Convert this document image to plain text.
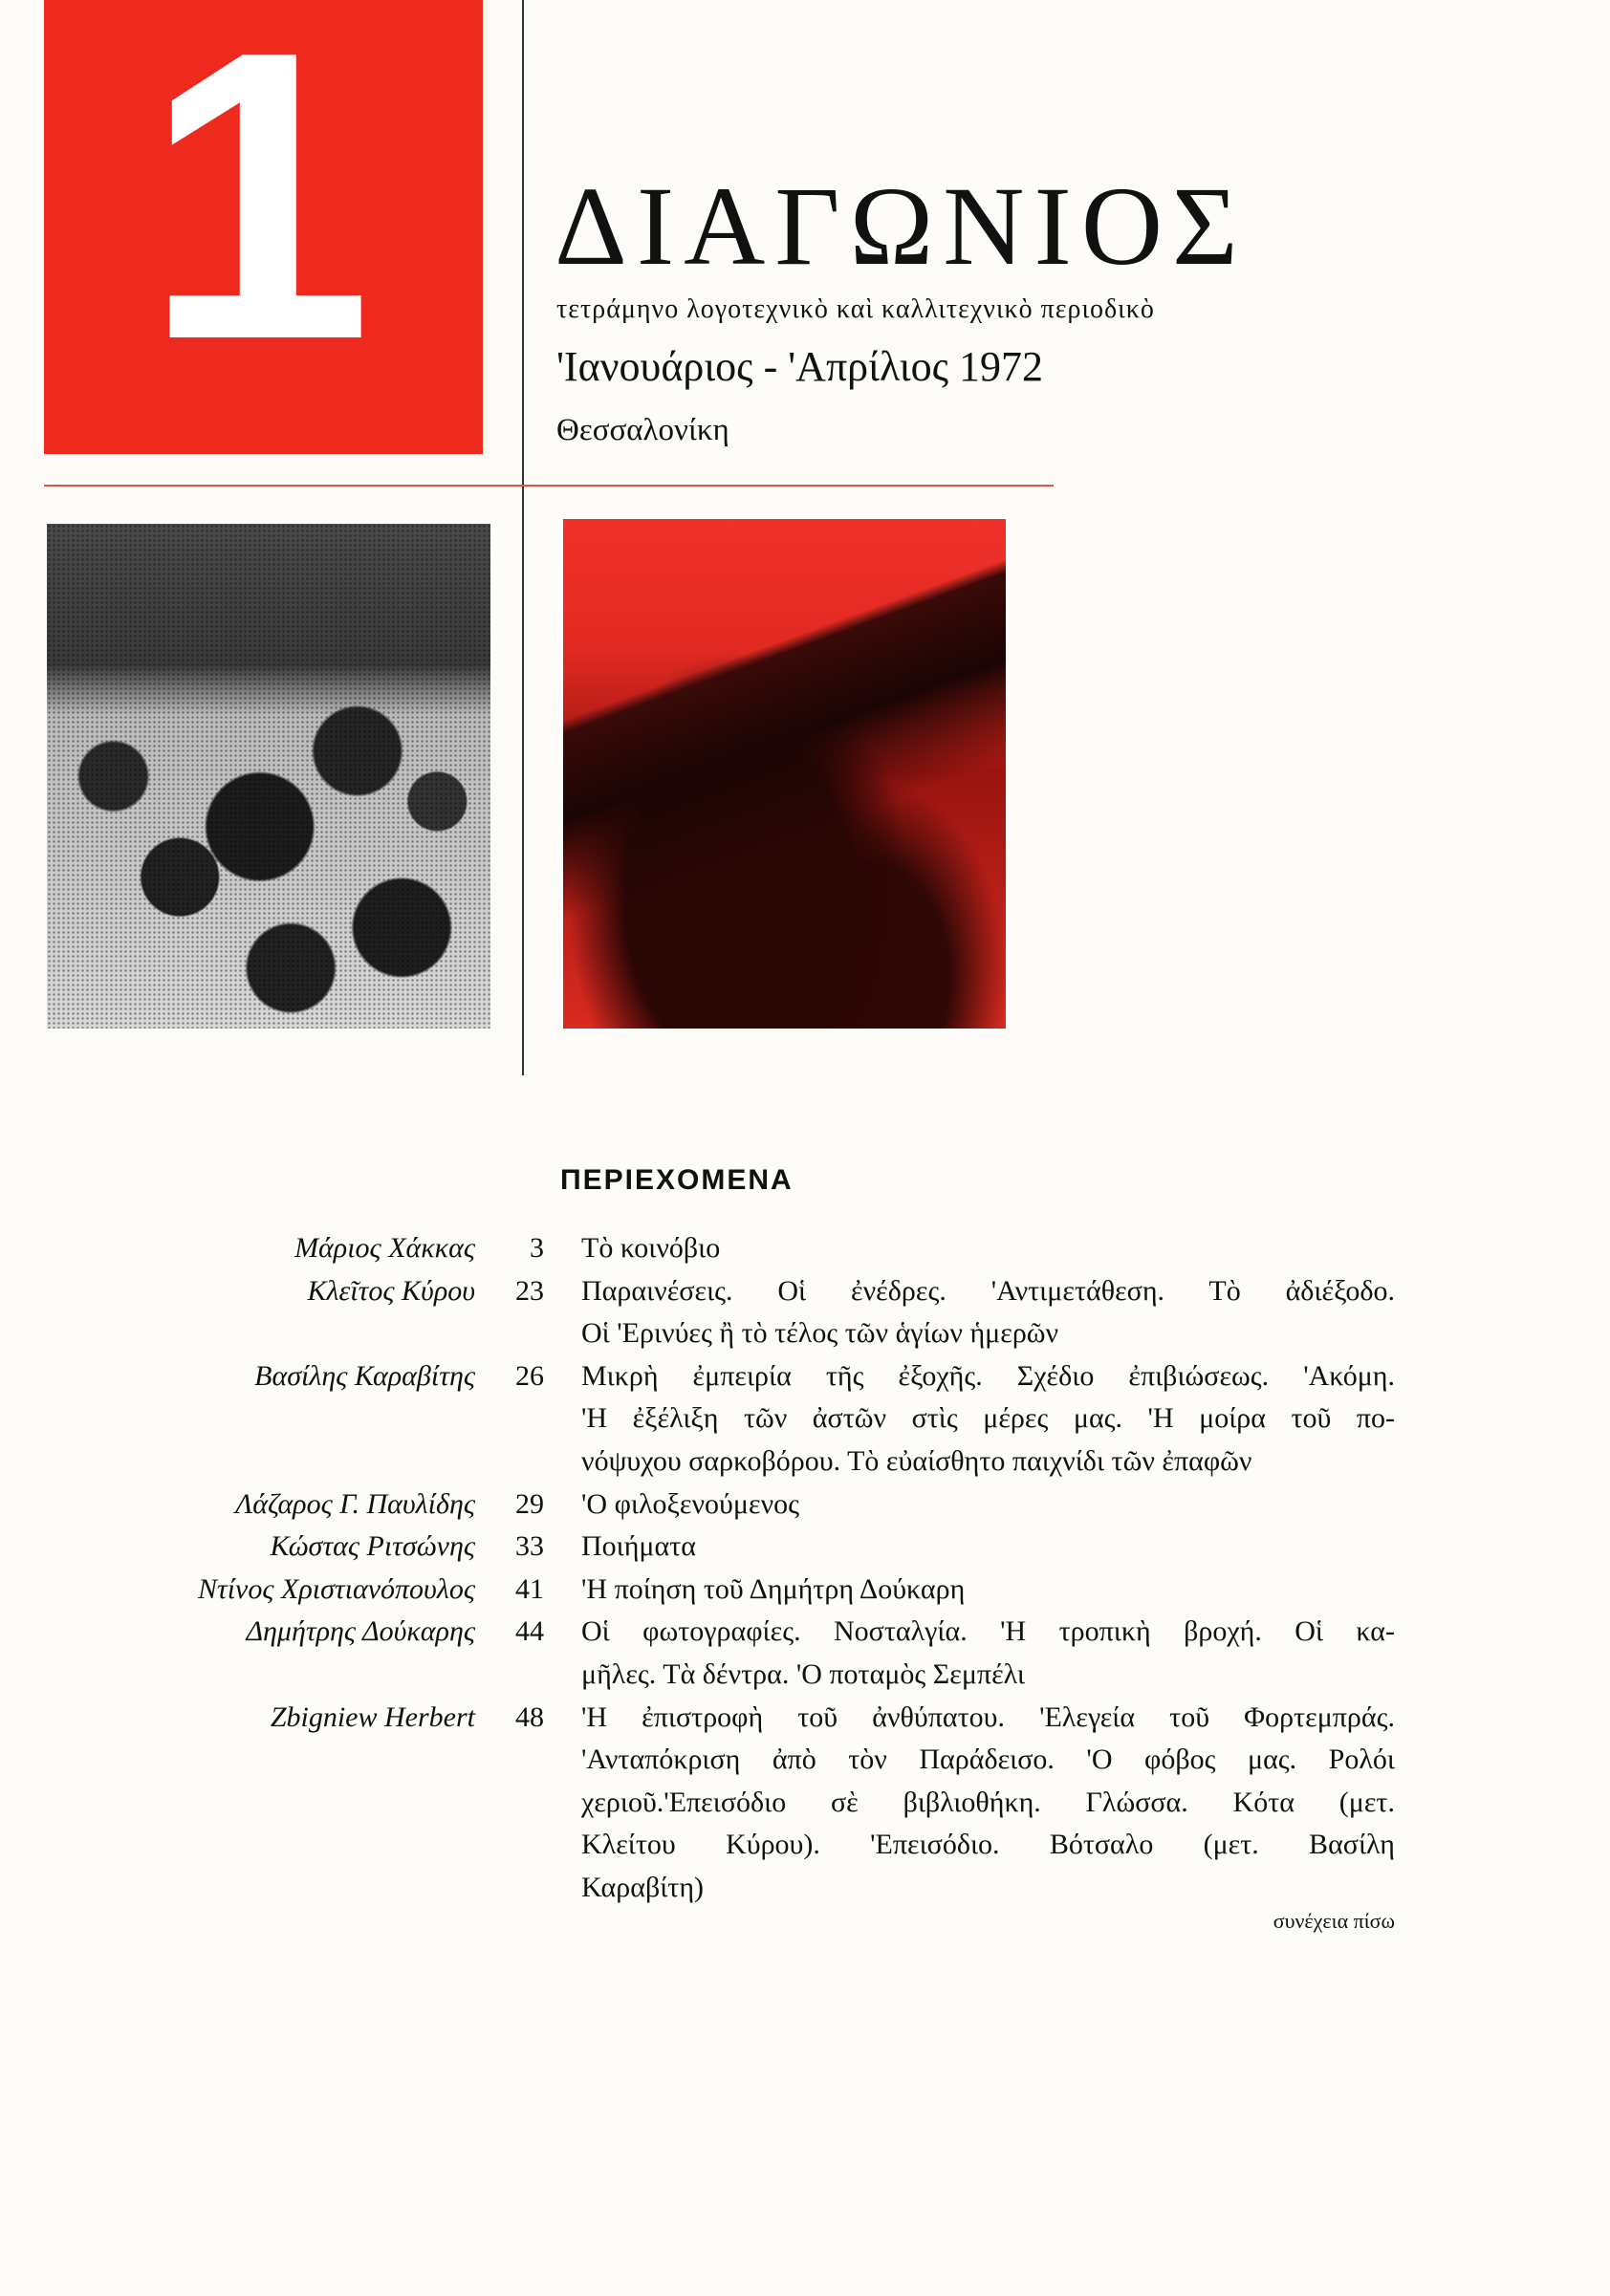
1 ΔΙΑΓΩΝΙΟΣ
τετράμηνο λογοτεχνικὸ καὶ καλλιτεχνικὸ περιοδικὸ
'Ιανουάριος - 'Απρίλιος 1972
Θεσσαλονίκη
ΠΕΡΙΕΧΟΜΕΝΑ
Μάριος Χάκκας 3 Τὸ κοινόβιο
Κλεῖτος Κύρου 23 Παραινέσεις. Οἱ ἐνέδρες. 'Αντιμετάθεση. Τὸ ἀδιέξοδο.
Οἱ 'Ερινύες ἢ τὸ τέλος τῶν ἁγίων ἡμερῶν
Βασίλης Καραβίτης 26 Μικρὴ ἐμπειρία τῆς ἐξοχῆς. Σχέδιο ἐπιβιώσεως. 'Ακόμη.
'Η ἐξέλιξη τῶν ἀστῶν στὶς μέρες μας. 'Η μοίρα τοῦ πο-
νόψυχου σαρκοβόρου. Τὸ εὐαίσθητο παιχνίδι τῶν ἐπαφῶν
Λάζαρος Γ. Παυλίδης 29 'Ο φιλοξενούμενος
Κώστας Ριτσώνης 33 Ποιήματα
Ντίνος Χριστιανόπουλος 41 'Η ποίηση τοῦ Δημήτρη Δούκαρη
Δημήτρης Δούκαρης 44 Οἱ φωτογραφίες. Νοσταλγία. 'Η τροπικὴ βροχή. Οἱ κα-
μῆλες. Τὰ δέντρα. 'Ο ποταμὸς Σεμπέλι
Zbigniew Herbert 48 'Η ἐπιστροφὴ τοῦ ἀνθύπατου. 'Ελεγεία τοῦ Φορτεμπράς.
'Ανταπόκριση ἀπὸ τὸν Παράδεισο. 'Ο φόβος μας. Ρολόι
χεριοῦ.'Επεισόδιο σὲ βιβλιοθήκη. Γλώσσα. Κότα (μετ.
Κλείτου Κύρου). 'Επεισόδιο. Βότσαλο (μετ. Βασίλη
Καραβίτη)
συνέχεια πίσω
